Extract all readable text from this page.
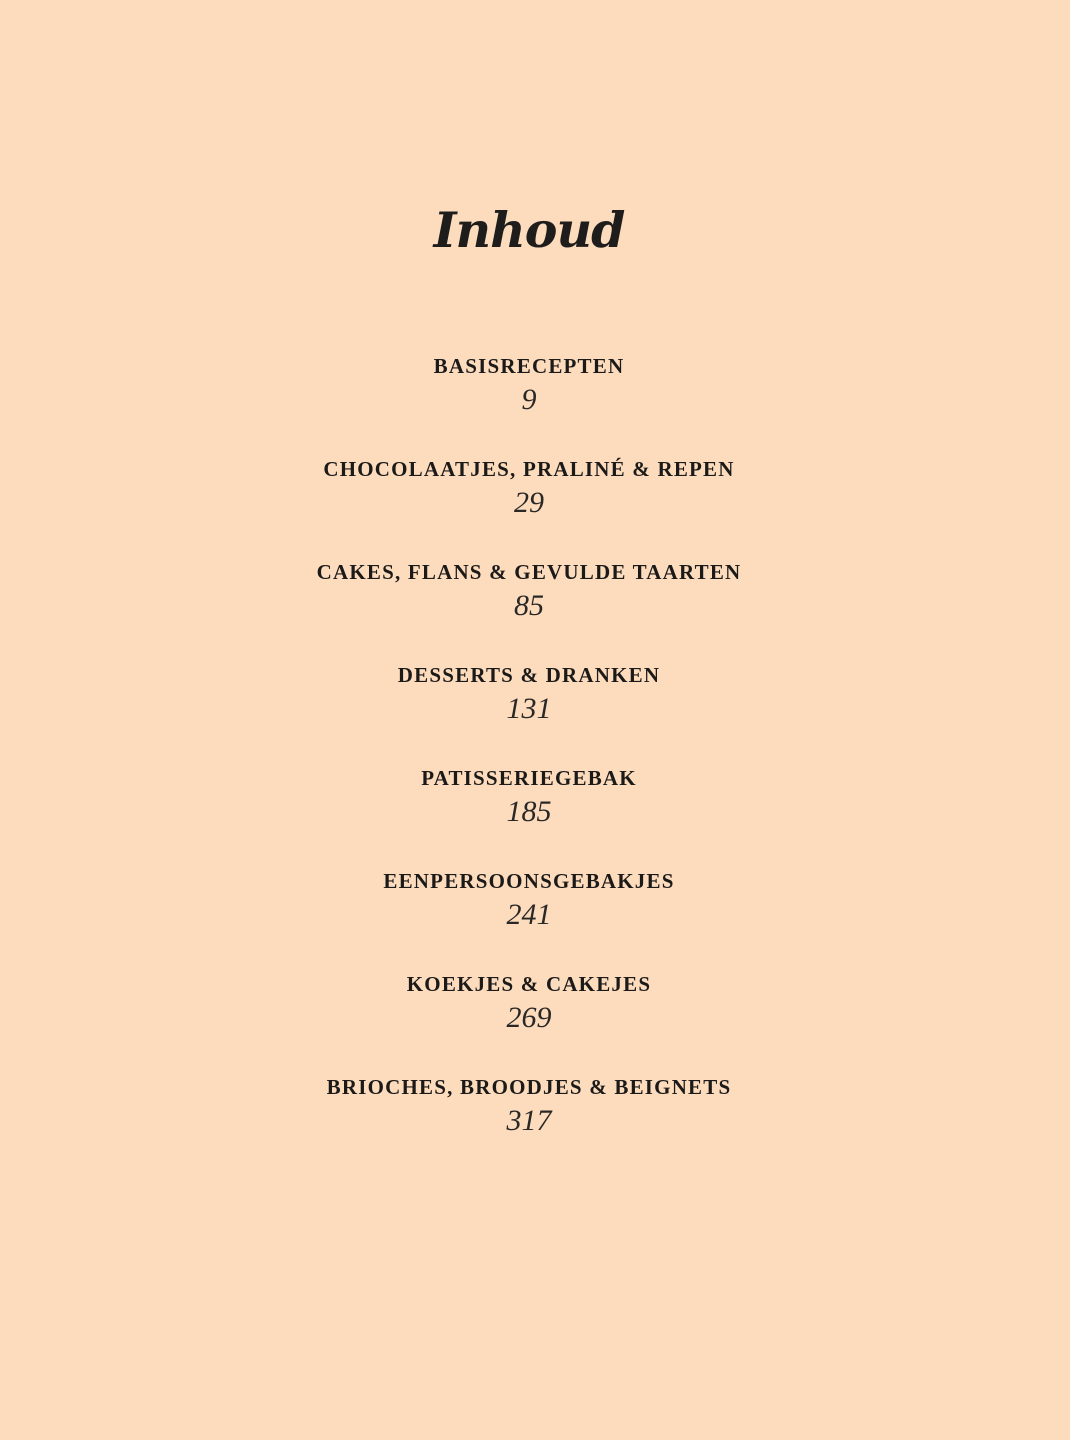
Inhoud
BASISRECEPTEN
9
CHOCOLAATJES, PRALINÉ & REPEN
29
CAKES, FLANS & GEVULDE TAARTEN
85
DESSERTS & DRANKEN
131
PATISSERIEGEBAK
185
EENPERSOONSGEBAKJES
241
KOEKJES & CAKEJES
269
BRIOCHES, BROODJES & BEIGNETS
317
